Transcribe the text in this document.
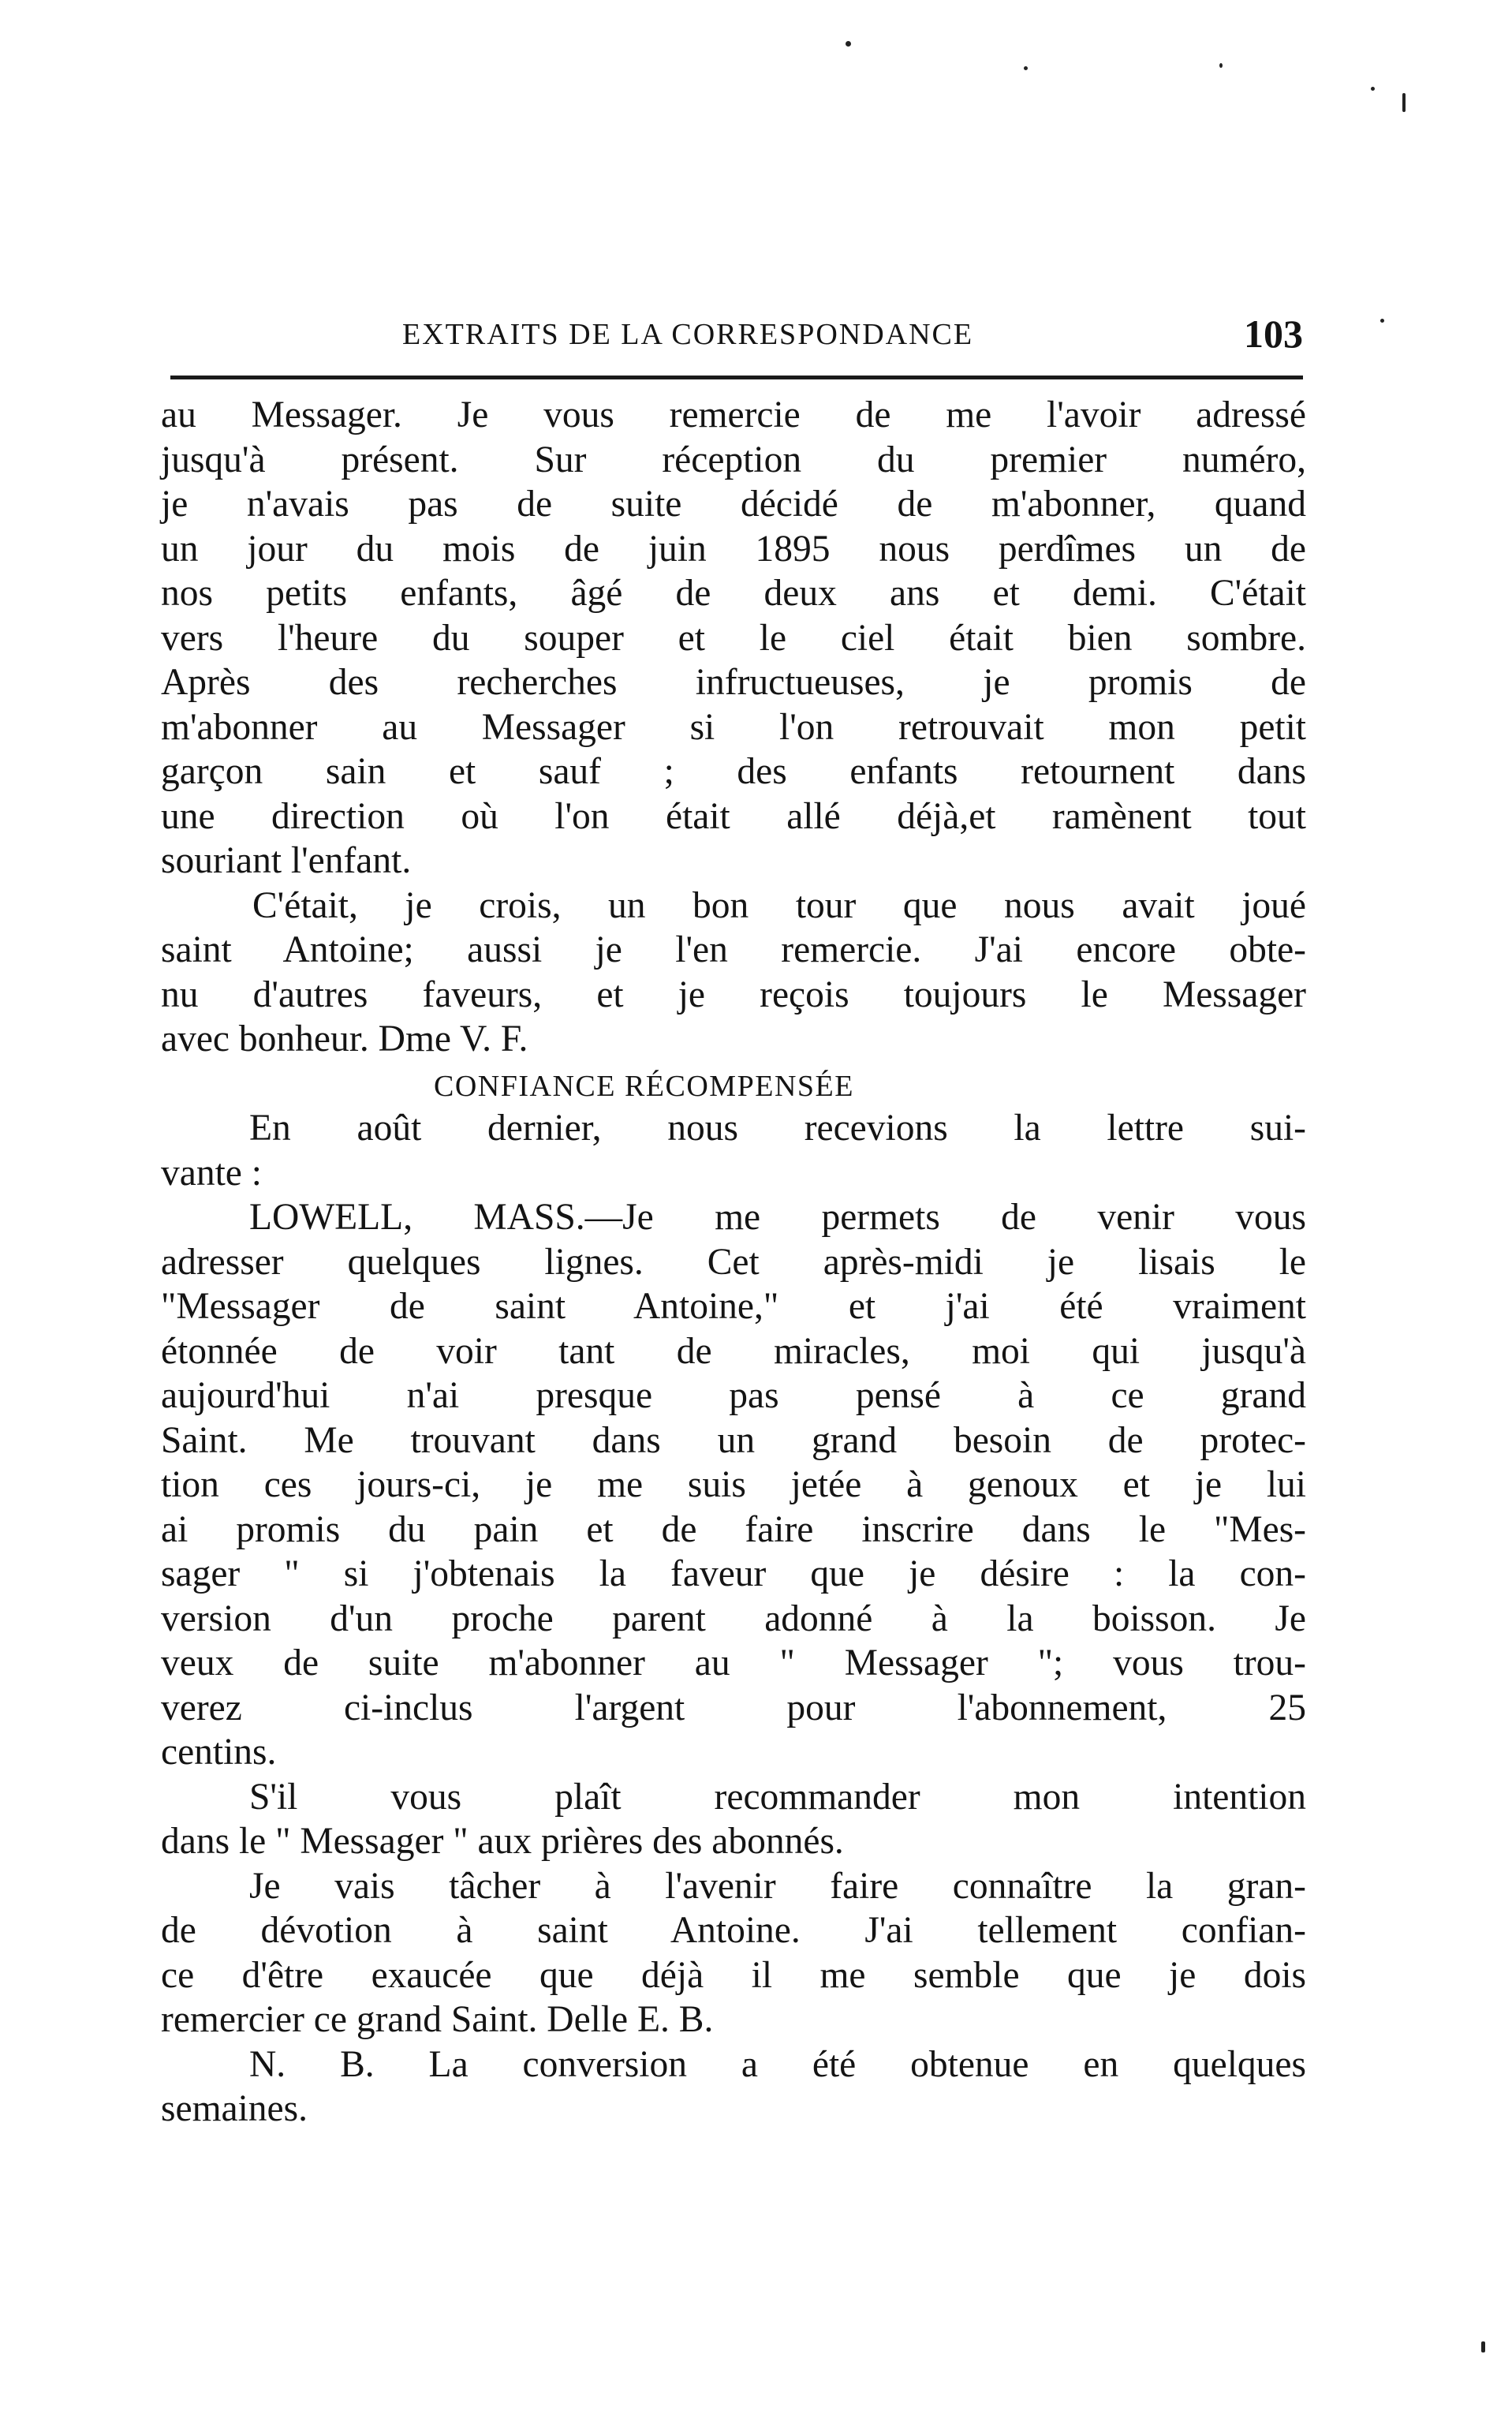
EXTRAITS DE LA CORRESPONDANCE	103
au Messager. Je vous remercie de me l'avoir adressé
jusqu'à présent. Sur réception du premier numéro,
je n'avais pas de suite décidé de m'abonner, quand
un jour du mois de juin 1895 nous perdîmes un de
nos petits enfants, âgé de deux ans et demi. C'était
vers l'heure du souper et le ciel était bien sombre.
Après des recherches infructueuses, je promis de
m'abonner au Messager si l'on retrouvait mon petit
garçon sain et sauf ; des enfants retournent dans
une direction où l'on était allé déjà,et ramènent tout
souriant l'enfant.
C'était, je crois, un bon tour que nous avait joué
saint Antoine; aussi je l'en remercie. J'ai encore obte-
nu d'autres faveurs, et je reçois toujours le Messager
avec bonheur. Dme V. F.
CONFIANCE RÉCOMPENSÉE
En août dernier, nous recevions la lettre sui-
vante :
LOWELL, MASS.—Je me permets de venir vous
adresser quelques lignes. Cet après-midi je lisais le
"Messager de saint Antoine," et j'ai été vraiment
étonnée de voir tant de miracles, moi qui jusqu'à
aujourd'hui n'ai presque pas pensé à ce grand
Saint. Me trouvant dans un grand besoin de protec-
tion ces jours-ci, je me suis jetée à genoux et je lui
ai promis du pain et de faire inscrire dans le "Mes-
sager " si j'obtenais la faveur que je désire : la con-
version d'un proche parent adonné à la boisson. Je
veux de suite m'abonner au " Messager "; vous trou-
verez ci-inclus l'argent pour l'abonnement, 25
centins.
S'il vous plaît recommander mon intention
dans le " Messager " aux prières des abonnés.
Je vais tâcher à l'avenir faire connaître la gran-
de dévotion à saint Antoine. J'ai tellement confian-
ce d'être exaucée que déjà il me semble que je dois
remercier ce grand Saint. Delle E. B.
N. B. La conversion a été obtenue en quelques
semaines.
